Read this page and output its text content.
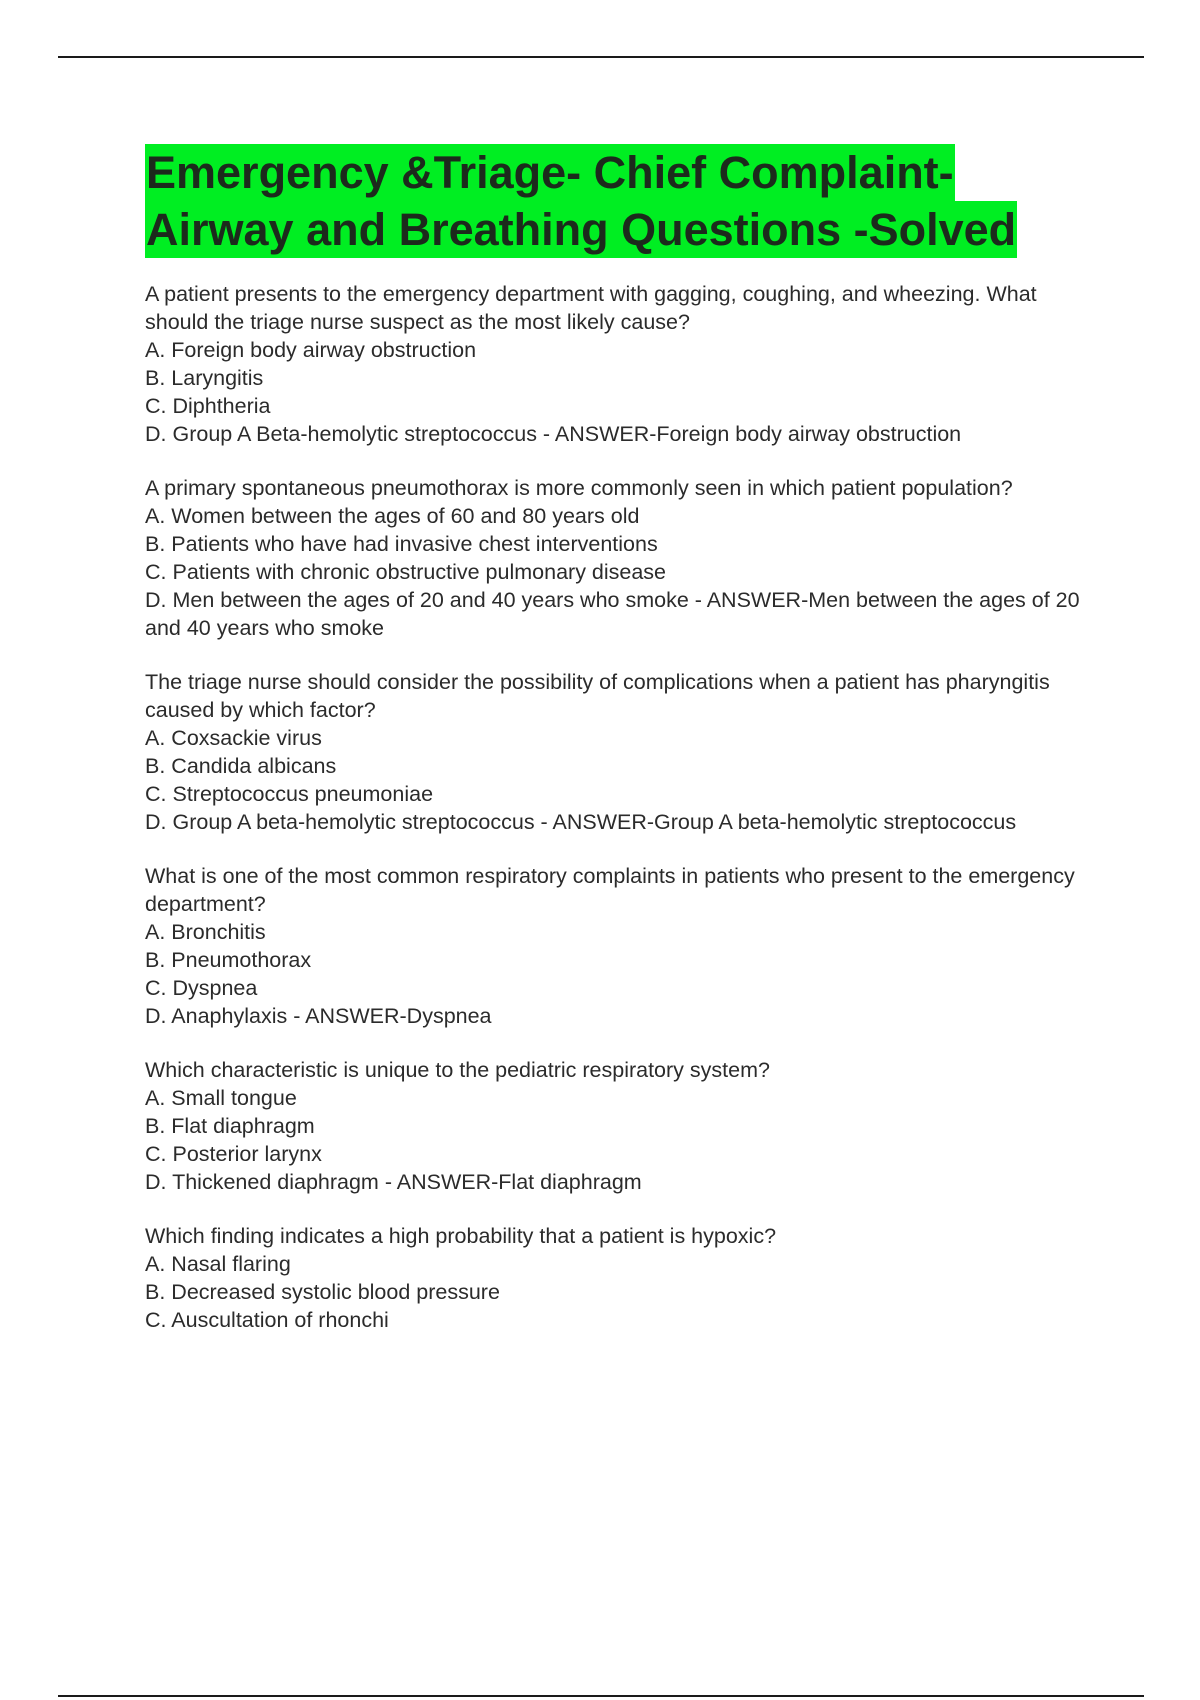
Emergency &Triage- Chief Complaint-
Airway and Breathing Questions -Solved

A patient presents to the emergency department with gagging, coughing, and wheezing. What should the triage nurse suspect as the most likely cause?

A. Foreign body airway obstruction

B. Laryngitis

C. Diphtheria

D. Group A Beta-hemolytic streptococcus - ANSWER-Foreign body airway obstruction

A primary spontaneous pneumothorax is more commonly seen in which patient population?

A. Women between the ages of 60 and 80 years old

B. Patients who have had invasive chest interventions

C. Patients with chronic obstructive pulmonary disease

D. Men between the ages of 20 and 40 years who smoke - ANSWER-Men between the ages of 20 and 40 years who smoke

The triage nurse should consider the possibility of complications when a patient has pharyngitis caused by which factor?

A. Coxsackie virus

B. Candida albicans

C. Streptococcus pneumoniae

D. Group A beta-hemolytic streptococcus - ANSWER-Group A beta-hemolytic streptococcus

What is one of the most common respiratory complaints in patients who present to the emergency department?

A. Bronchitis

B. Pneumothorax

C. Dyspnea

D. Anaphylaxis - ANSWER-Dyspnea

Which characteristic is unique to the pediatric respiratory system?

A. Small tongue

B. Flat diaphragm

C. Posterior larynx

D. Thickened diaphragm - ANSWER-Flat diaphragm

Which finding indicates a high probability that a patient is hypoxic?

A. Nasal flaring

B. Decreased systolic blood pressure

C. Auscultation of rhonchi
